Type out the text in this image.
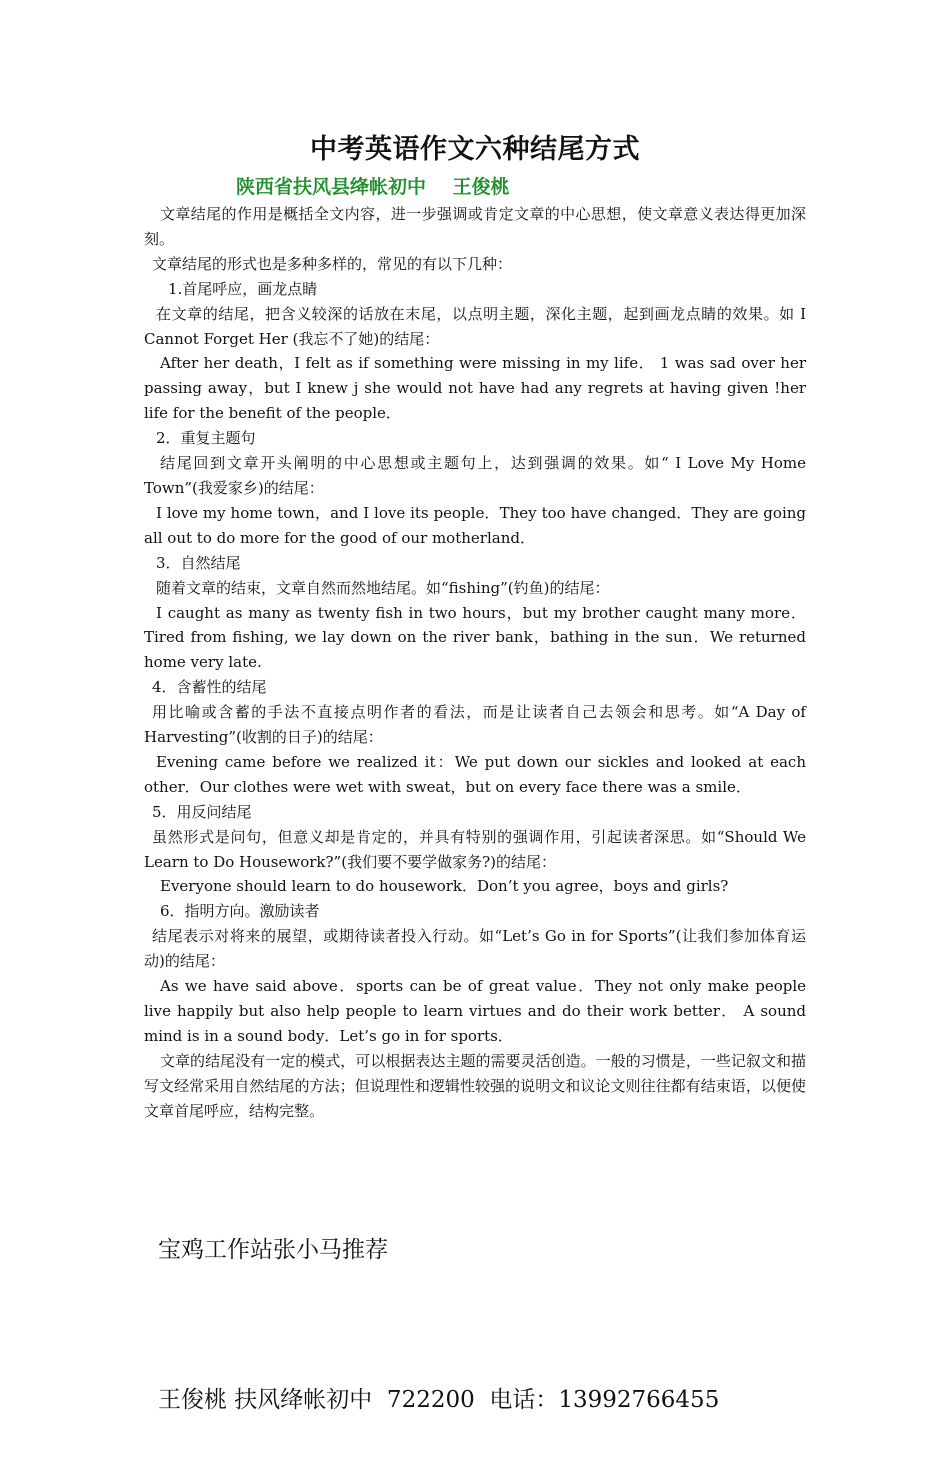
中考英语作文六种结尾方式

陕西省扶风县绛帐初中    王俊桃

文章结尾的作用是概括全文内容，进一步强调或肯定文章的中心思想，使文章意义表达得更加深刻。

文章结尾的形式也是多种多样的，常见的有以下几种：

1.首尾呼应，画龙点睛

在文章的结尾，把含义较深的话放在末尾，以点明主题，深化主题，起到画龙点睛的效果。如 I Cannot Forget Her (我忘不了她)的结尾：

After her death，I felt as if something were missing in my life． 1 was sad over her passing away，but I knew j she would not have had any regrets at having given !her life for the benefit of the people．

2．重复主题句

结尾回到文章开头阐明的中心思想或主题句上，达到强调的效果。如“ I Love My Home Town”(我爱家乡)的结尾：

I love my home town，and I love its people．They too have changed．They are going all out to do more for the good of our motherland．

3．自然结尾

随着文章的结束，文章自然而然地结尾。如“fishing”(钓鱼)的结尾：

I caught as many as twenty fish in two hours，but my brother caught many more．Tired from fishing, we lay down on the river bank，bathing in the sun．We returned home very late.

4．含蓄性的结尾

用比喻或含蓄的手法不直接点明作者的看法，而是让读者自己去领会和思考。如“A Day of Harvesting”(收割的日子)的结尾：

Evening came before we realized it：We put down our sickles and looked at each other．Our clothes were wet with sweat，but on every face there was a smile．

5．用反问结尾

虽然形式是问句，但意义却是肯定的，并具有特别的强调作用，引起读者深思。如“Should We Learn to Do Housework?”(我们要不要学做家务?)的结尾：

Everyone should learn to do housework．Don’t you agree，boys and girls?

6．指明方向。激励读者

结尾表示对将来的展望，或期待读者投入行动。如“Let’s Go in for Sports”(让我们参加体育运动)的结尾：

As we have said above．sports can be of great value．They not only make people live happily but also help people to learn virtues and do their work better． A sound mind is in a sound body．Let’s go in for sports．

文章的结尾没有一定的模式，可以根据表达主题的需要灵活创造。一般的习惯是，一些记叙文和描写文经常采用自然结尾的方法；但说理性和逻辑性较强的说明文和议论文则往往都有结束语，以便使文章首尾呼应，结构完整。

宝鸡工作站张小马推荐

王俊桃 扶风绛帐初中  722200  电话：13992766455
